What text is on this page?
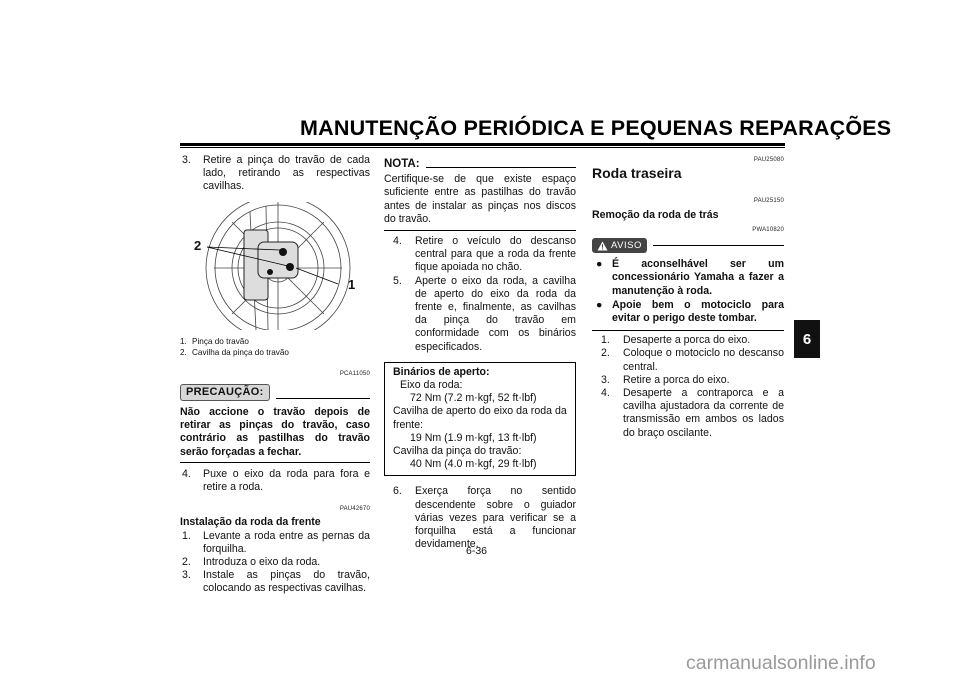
MANUTENÇÃO PERIÓDICA E PEQUENAS REPARAÇÕES
6
3. Retire a pinça do travão de cada lado, retirando as respectivas cavilhas.
2
1
1. Pinça do travão
2. Cavilha da pinça do travão
PCA11050
PRECAUÇÃO:
Não accione o travão depois de retirar as pinças do travão, caso contrário as pastilhas do travão serão forçadas a fechar.
4. Puxe o eixo da roda para fora e retire a roda.
PAU42670
Instalação da roda da frente
1. Levante a roda entre as pernas da forquilha.
2. Introduza o eixo da roda.
3. Instale as pinças do travão, colocando as respectivas cavilhas.
NOTA:
Certifique-se de que existe espaço suficiente entre as pastilhas do travão antes de instalar as pinças nos discos do travão.
4. Retire o veículo do descanso central para que a roda da frente fique apoiada no chão.
5. Aperte o eixo da roda, a cavilha de aperto do eixo da roda da frente e, finalmente, as cavilhas da pinça do travão em conformidade com os binários especificados.
Binários de aperto:
Eixo da roda:
72 Nm (7.2 m·kgf, 52 ft·lbf)
Cavilha de aperto do eixo da roda da frente:
19 Nm (1.9 m·kgf, 13 ft·lbf)
Cavilha da pinça do travão:
40 Nm (4.0 m·kgf, 29 ft·lbf)
6. Exerça força no sentido descendente sobre o guiador várias vezes para verificar se a forquilha está a funcionar devidamente.
PAU25080
Roda traseira
PAU25150
Remoção da roda de trás
PWA10820
AVISO
● É aconselhável ser um concessionário Yamaha a fazer a manutenção à roda.
● Apoie bem o motociclo para evitar o perigo deste tombar.
1. Desaperte a porca do eixo.
2. Coloque o motociclo no descanso central.
3. Retire a porca do eixo.
4. Desaperte a contraporca e a cavilha ajustadora da corrente de transmissão em ambos os lados do braço oscilante.
6-36
carmanualsonline.info
